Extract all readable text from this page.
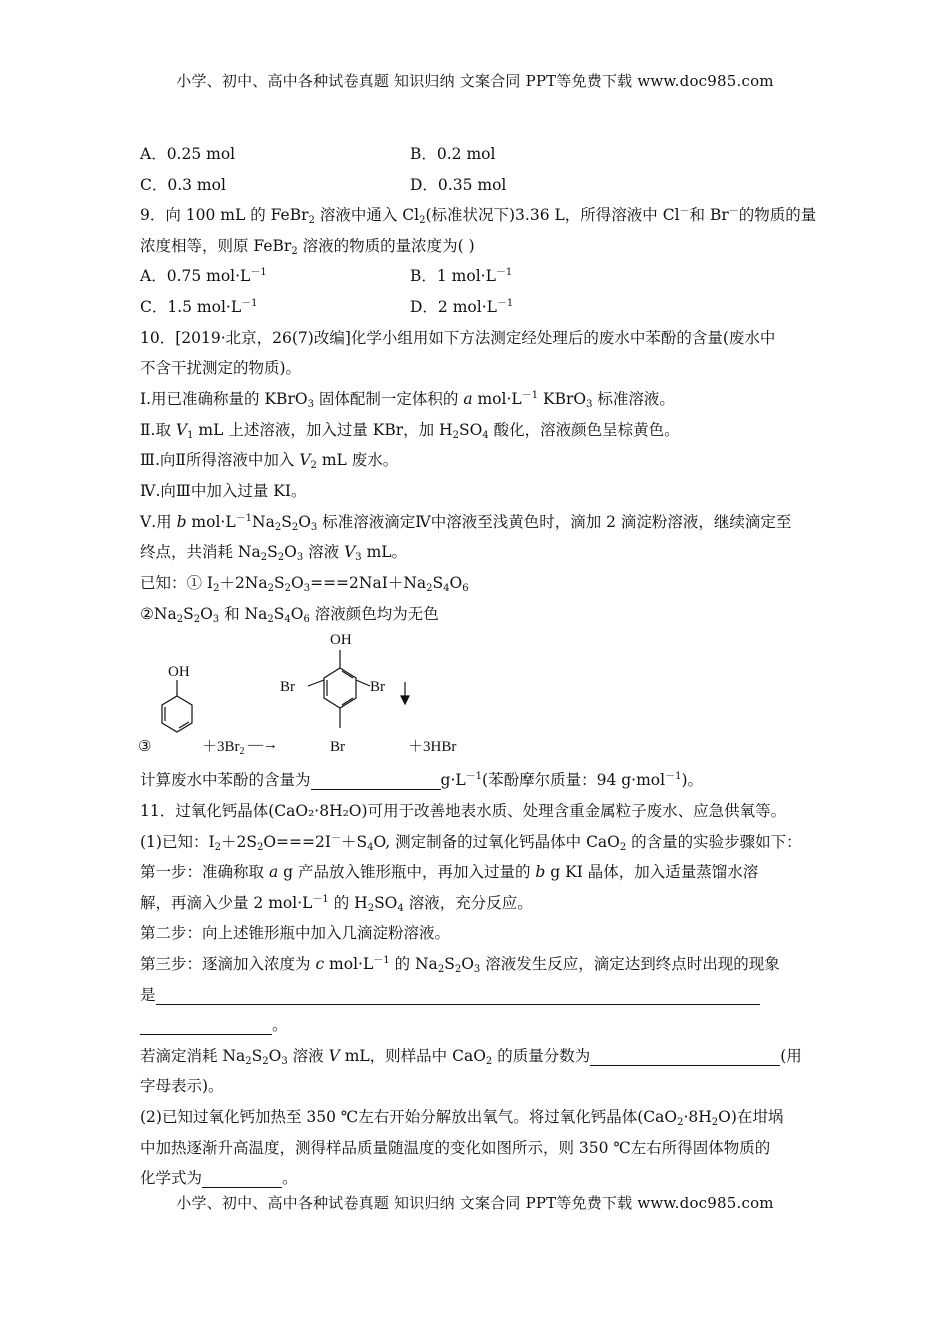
小学、初中、高中各种试卷真题 知识归纳 文案合同 PPT等免费下载 www.doc985.com
A．0.25 mol	B．0.2 mol
C．0.3 mol	D．0.35 mol
9．向 100 mL 的 FeBr$_2$ 溶液中通入 $Cl_2$(标准状况下)3.36 L，所得溶液中 Cl－和 Br－的物质的量
浓度相等，则原 FeBr$_2$ 溶液的物质的量浓度为( )
A．0.75 $mol\cdot L^{-1}$	B．1 $mol\cdot L^{-1}$
C．1.5 $mol\cdot L^{-1}$	D．2 $mol\cdot L^{-1}$
10．[2019·北京，26(7)改编]化学小组用如下方法测定经处理后的废水中苯酚的含量(废水中
不含干扰测定的物质)。
Ⅰ.用已准确称量的 KBrO$_3$ 固体配制一定体积的 a $mol\cdot L^{-1}$ KBrO$_3$ 标准溶液。
Ⅱ.取 $V_1$ mL 上述溶液，加入过量 KBr，加 $H_2SO_4$ 酸化，溶液颜色呈棕黄色。
Ⅲ.向Ⅱ所得溶液中加入 $V_2$ mL 废水。
Ⅳ.向Ⅲ中加入过量 KI。
Ⅴ.用 b $mol\cdot L^{-1}Na_2S_2O_3$ 标准溶液滴定Ⅳ中溶液至浅黄色时，滴加 2 滴淀粉溶液，继续滴定至
终点，共消耗 $Na_2S_2O_3$ 溶液 $V_3$ mL。
已知：① $I_2+2Na_2S_2O_3===2NaI+Na_2S_4O_6$
$②Na_2S_2O_3$ 和 $Na_2S_4O_6$ 溶液颜色均为无色
③
OH
$+3Br_2$ —→
OH
Br	Br
Br	＋3HBr
计算废水中苯酚的含量为	$g\cdot L^{-1}$(苯酚摩尔质量：94 g·mol$^{-1}$)。
11．过氧化钙晶体(CaO₂·8H₂O)可用于改善地表水质、处理含重金属粒子废水、应急供氧等。
(1)已知：$I_2+2S_2O===2I^-+S_4O$, 测定制备的过氧化钙晶体中 CaO$_2$ 的含量的实验步骤如下：
第一步：准确称取 a g 产品放入锥形瓶中，再加入过量的 b g KI 晶体，加入适量蒸馏水溶
解，再滴入少量 2 $mol\cdot L^{-1}$ 的 $H_2SO_4$ 溶液，充分反应。
第二步：向上述锥形瓶中加入几滴淀粉溶液。
第三步：逐滴加入浓度为 c $mol\cdot L^{-1}$ 的 $Na_2S_2O_3$ 溶液发生反应，滴定达到终点时出现的现象
是
。
若滴定消耗 $Na_2S_2O_3$ 溶液 V mL，则样品中 CaO$_2$ 的质量分数为	(用
字母表示)。
(2)已知过氧化钙加热至 350 ℃左右开始分解放出氧气。将过氧化钙晶体$(CaO_2\cdot 8H_2O)$在坩埚
中加热逐渐升高温度，测得样品质量随温度的变化如图所示，则 350 ℃左右所得固体物质的
化学式为	。
小学、初中、高中各种试卷真题 知识归纳 文案合同 PPT等免费下载 www.doc985.com
